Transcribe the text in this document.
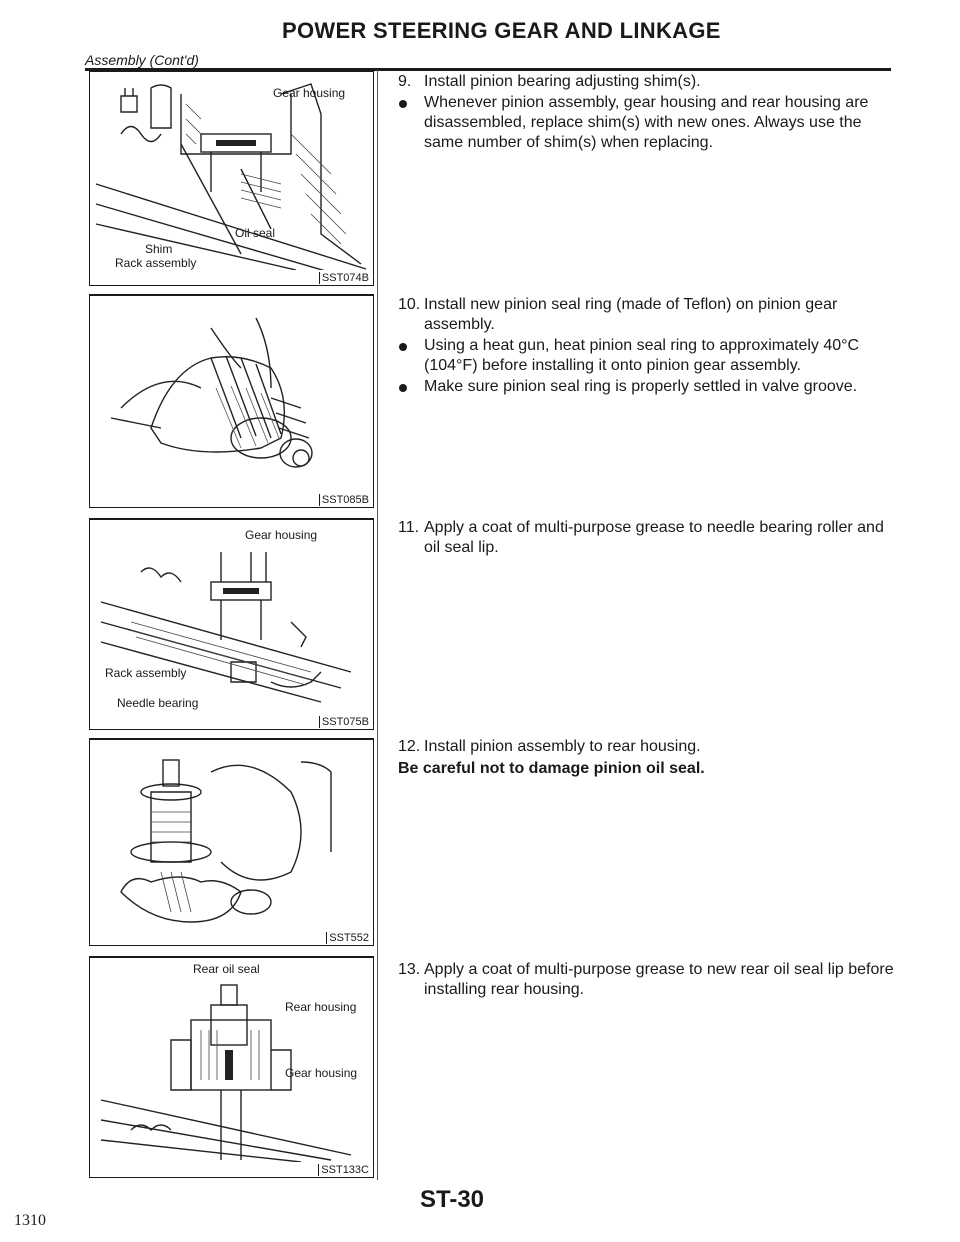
Assembly (Cont'd)
POWER STEERING GEAR AND LINKAGE
Gear housing
Oil seal
Shim
Rack assembly
SST074B
SST085B
Gear housing
Rack assembly
Needle bearing
SST075B
SST552
Rear oil seal
Rear housing
Gear housing
SST133C
9. Install pinion bearing adjusting shim(s).
Whenever pinion assembly, gear housing and rear housing are disassembled, replace shim(s) with new ones. Always use the same number of shim(s) when replacing.
10. Install new pinion seal ring (made of Teflon) on pinion gear assembly.
Using a heat gun, heat pinion seal ring to approximately 40°C (104°F) before installing it onto pinion gear assembly.
Make sure pinion seal ring is properly settled in valve groove.
11. Apply a coat of multi-purpose grease to needle bearing roller and oil seal lip.
12. Install pinion assembly to rear housing.
Be careful not to damage pinion oil seal.
13. Apply a coat of multi-purpose grease to new rear oil seal lip before installing rear housing.
ST-30
1310
